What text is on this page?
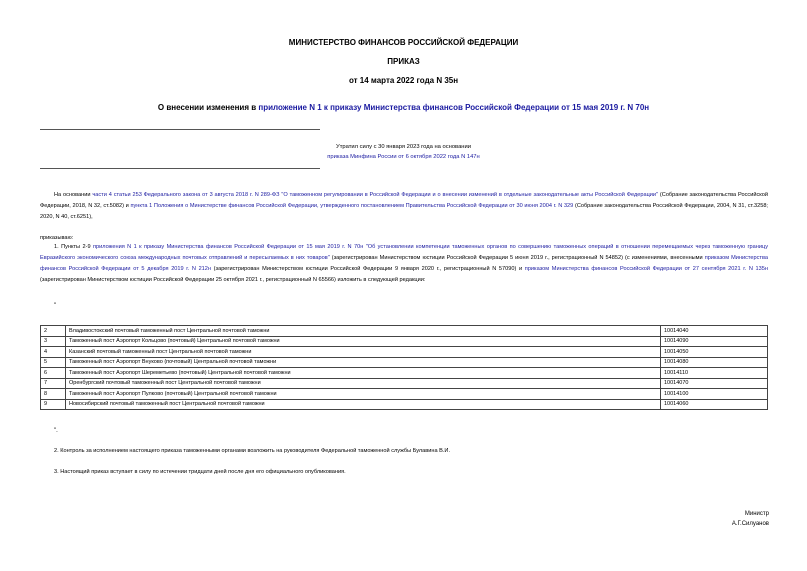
МИНИСТЕРСТВО ФИНАНСОВ РОССИЙСКОЙ ФЕДЕРАЦИИ
ПРИКАЗ
от 14 марта 2022 года N 35н
О внесении изменения в приложение N 1 к приказу Министерства финансов Российской Федерации от 15 мая 2019 г. N 70н
Утратил силу с 30 января 2023 года на основании
приказа Минфина России от 6 октября 2022 года N 147н
На основании части 4 статьи 253 Федерального закона от 3 августа 2018 г. N 289-ФЗ "О таможенном регулировании в Российской Федерации и о внесении изменений в отдельные законодательные акты Российской Федерации" (Собрание законодательства Российской Федерации, 2018, N 32, ст.5082) и пункта 1 Положения о Министерстве финансов Российской Федерации, утвержденного постановлением Правительства Российской Федерации от 30 июня 2004 г. N 329 (Собрание законодательства Российской Федерации, 2004, N 31, ст.3258; 2020, N 40, ст.6251),
приказываю:
1. Пункты 2-9 приложения N 1 к приказу Министерства финансов Российской Федерации от 15 мая 2019 г. N 70н "Об установлении компетенции таможенных органов по совершению таможенных операций в отношении перемещаемых через таможенную границу Евразийского экономического союза международных почтовых отправлений и пересылаемых в них товаров" (зарегистрирован Министерством юстиции Российской Федерации 5 июня 2019 г., регистрационный N 54852) (с изменениями, внесенными приказом Министерства финансов Российской Федерации от 5 декабря 2019 г. N 212н (зарегистрирован Министерством юстиции Российской Федерации 9 января 2020 г., регистрационный N 57090) и приказом Министерства финансов Российской Федерации от 27 сентября 2021 г. N 135н (зарегистрирован Министерством юстиции Российской Федерации 25 октября 2021 г., регистрационный N 65566) изложить в следующей редакции:
"
2	Владивостокский почтовый таможенный пост Центральной почтовой таможни	10014040
3	Таможенный пост Аэропорт Кольцово (почтовый) Центральной почтовой таможни	10014090
4	Казанский почтовый таможенный пост Центральной почтовой таможни	10014050
5	Таможенный пост Аэропорт Внуково (почтовый) Центральной почтовой таможни	10014080
6	Таможенный пост Аэропорт Шереметьево (почтовый) Центральной почтовой таможни	10014110
7	Оренбургский почтовый таможенный пост Центральной почтовой таможни	10014070
8	Таможенный пост Аэропорт Пулково (почтовый) Центральной почтовой таможни	10014100
9	Новосибирский почтовый таможенный пост Центральной почтовой таможни	10014060
".
2. Контроль за исполнением настоящего приказа таможенными органами возложить на руководителя Федеральной таможенной службы Булавина В.И.
3. Настоящий приказ вступает в силу по истечении тридцати дней после дня его официального опубликования.
Министр
А.Г.Силуанов
